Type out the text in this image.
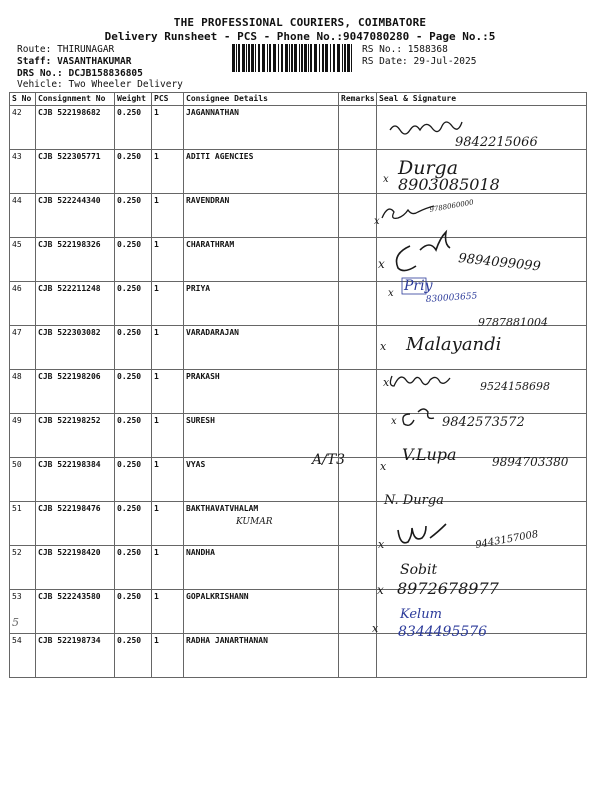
THE PROFESSIONAL COURIERS, COIMBATORE
Delivery Runsheet - PCS - Phone No.:9047080280 - Page No.:5
Route: THIRUNAGAR
Staff: VASANTHAKUMAR
DRS No.: DCJB158836805
Vehicle: Two Wheeler Delivery
RS No.: 1588368
RS Date: 29-Jul-2025
S No	Consignment No	Weight	PCS	Consignee Details	Remarks	Seal & Signature
42	CJB 522198682	0.250	1	JAGANNATHAN		
43	CJB 522305771	0.250	1	ADITI AGENCIES		
44	CJB 522244340	0.250	1	RAVENDRAN		
45	CJB 522198326	0.250	1	CHARATHRAM		
46	CJB 522211248	0.250	1	PRIYA		
47	CJB 522303082	0.250	1	VARADARAJAN		
48	CJB 522198206	0.250	1	PRAKASH		
49	CJB 522198252	0.250	1	SURESH		
50	CJB 522198384	0.250	1	VYAS		
51	CJB 522198476	0.250	1	BAKTHAVATVHALAM		
52	CJB 522198420	0.250	1	NANDHA		
53	CJB 522243580	0.250	1	GOPALKRISHANN		
54	CJB 522198734	0.250	1	RADHA JANARTHANAN		
9842215066
x
Durga
8903085018
x
9788060000
x	9894099099
x Priy
830003655
9787881004
x Malayandi
x	9524158698
x	9842573572
A/T3	x
V.Lupa	9894703380
N. Durga
KUMAR
x	9443157008
Sobit
x 8972678977
5	x
Kelum
8344495576
